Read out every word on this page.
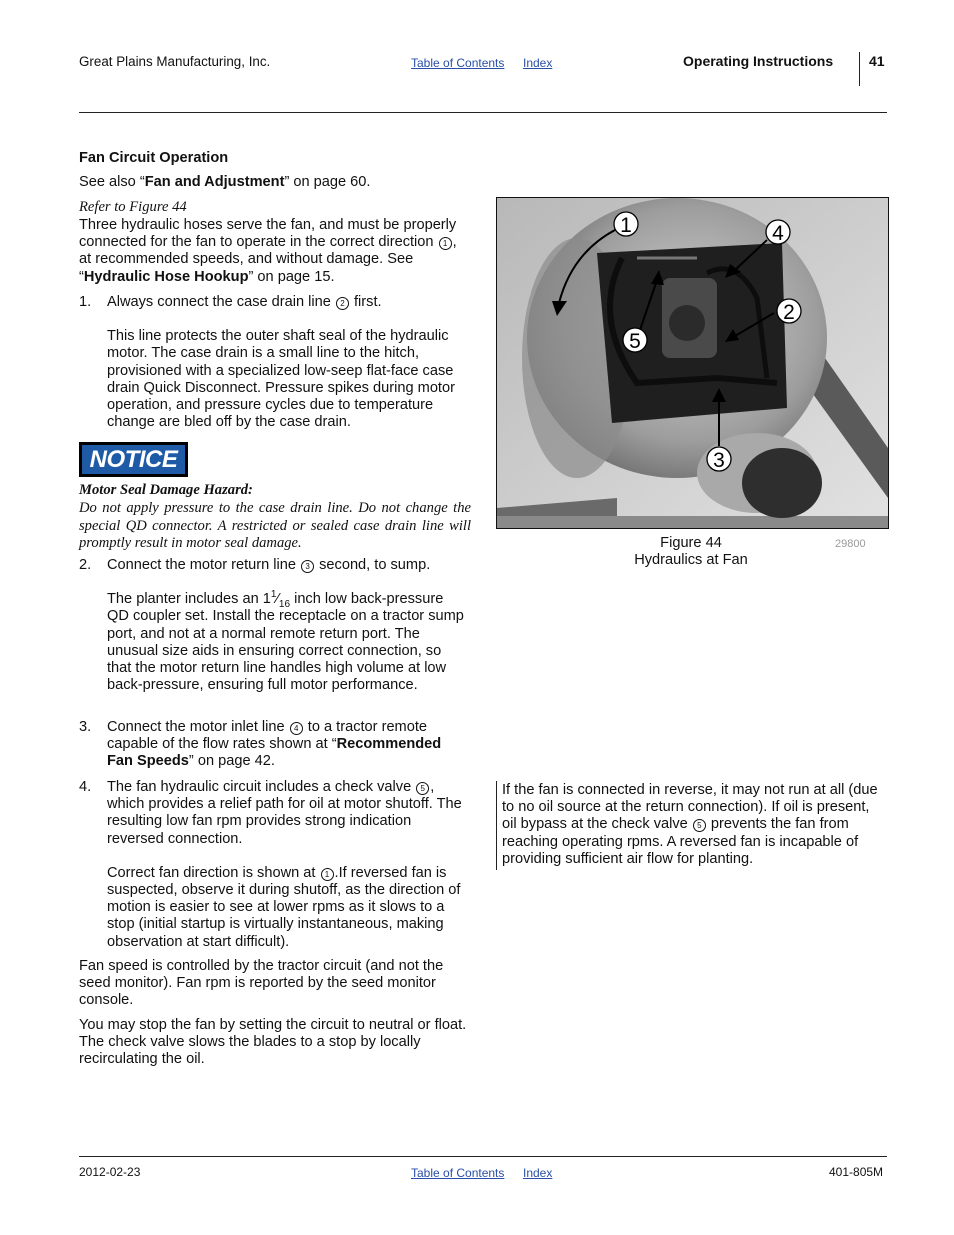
Great Plains Manufacturing, Inc.	Table of Contents Index	Operating Instructions	41
Fan Circuit Operation
See also “Fan and Adjustment” on page 60.
Refer to Figure 44
Three hydraulic hoses serve the fan, and must be properly connected for the fan to operate in the correct direction 1 , at recommended speeds, and without damage. See “Hydraulic Hose Hookup” on page 15.
1. Always connect the case drain line 2 first.
This line protects the outer shaft seal of the hydraulic motor. The case drain is a small line to the hitch, provisioned with a specialized low-seep flat-face case drain Quick Disconnect. Pressure spikes during motor operation, and pressure cycles due to temperature change are bled off by the case drain.
NOTICE
Motor Seal Damage Hazard:
Do not apply pressure to the case drain line. Do not change the special QD connector. A restricted or sealed case drain line will promptly result in motor seal damage.
2. Connect the motor return line 3 second, to sump.
The planter includes an $1^1⁄_{16}$ inch low back-pressure QD coupler set. Install the receptacle on a tractor sump port, and not at a normal remote return port. The unusual size aids in ensuring correct connection, so that the motor return line handles high volume at low back-pressure, ensuring full motor performance.
3. Connect the motor inlet line 4 to a tractor remote capable of the flow rates shown at “Recommended Fan Speeds” on page 42.
4. The fan hydraulic circuit includes a check valve 5 , which provides a relief path for oil at motor shutoff. The resulting low fan rpm provides strong indication reversed connection.
Correct fan direction is shown at 1 .If reversed fan is suspected, observe it during shutoff, as the direction of motion is easier to see at lower rpms as it slows to a stop (initial startup is virtually instantaneous, making observation at start difficult).
Fan speed is controlled by the tractor circuit (and not the seed monitor). Fan rpm is reported by the seed monitor console.
You may stop the fan by setting the circuit to neutral or float. The check valve slows the blades to a stop by locally recirculating the oil.
1	4
2
5
3
Figure 44
Hydraulics at Fan
29800
If the fan is connected in reverse, it may not run at all (due to no oil source at the return connection). If oil is present, oil bypass at the check valve 5 prevents the fan from reaching operating rpms. A reversed fan is incapable of providing sufficient air flow for planting.
2012-02-23	Table of Contents Index	401-805M
